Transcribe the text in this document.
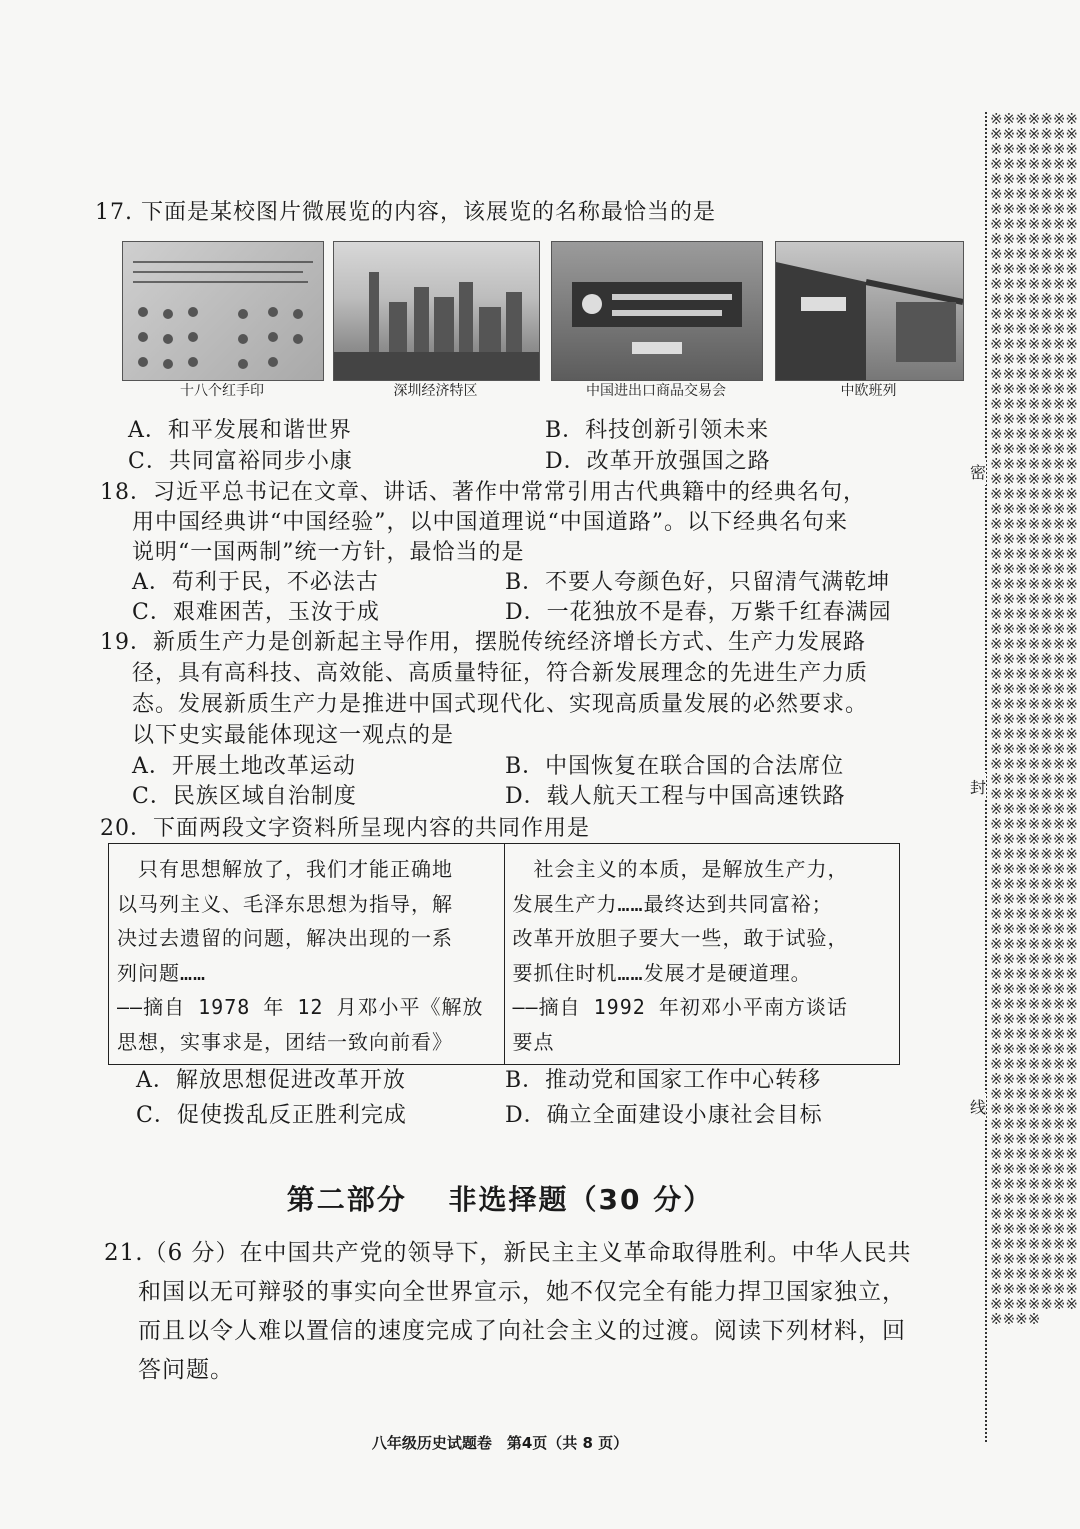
17. 下面是某校图片微展览的内容，该展览的名称最恰当的是
十八个红手印	深圳经济特区	中国进出口商品交易会	中欧班列
A．和平发展和谐世界	B．科技创新引领未来
C．共同富裕同步小康	D．改革开放强国之路
18．习近平总书记在文章、讲话、著作中常常引用古代典籍中的经典名句，
用中国经典讲“中国经验”，以中国道理说“中国道路”。以下经典名句来
说明“一国两制”统一方针，最恰当的是
A．苟利于民，不必法古	B．不要人夸颜色好，只留清气满乾坤
C．艰难困苦，玉汝于成	D．一花独放不是春，万紫千红春满园
19．新质生产力是创新起主导作用，摆脱传统经济增长方式、生产力发展路
径，具有高科技、高效能、高质量特征，符合新发展理念的先进生产力质
态。发展新质生产力是推进中国式现代化、实现高质量发展的必然要求。
以下史实最能体现这一观点的是
A．开展土地改革运动	B．中国恢复在联合国的合法席位
C．民族区域自治制度	D．载人航天工程与中国高速铁路
20．下面两段文字资料所呈现内容的共同作用是
　只有思想解放了，我们才能正确地
以马列主义、毛泽东思想为指导，解
决过去遗留的问题，解决出现的一系
列问题……
——摘自 1978 年 12 月邓小平《解放
思想，实事求是，团结一致向前看》
　社会主义的本质，是解放生产力，
发展生产力……最终达到共同富裕；
改革开放胆子要大一些，敢于试验，
要抓住时机……发展才是硬道理。
——摘自 1992 年初邓小平南方谈话
要点
A．解放思想促进改革开放	B．推动党和国家工作中心转移
C．促使拨乱反正胜利完成	D．确立全面建设小康社会目标
第二部分　 非选择题（30 分）
21.（6 分）在中国共产党的领导下，新民主主义革命取得胜利。中华人民共
和国以无可辩驳的事实向全世界宣示，她不仅完全有能力捍卫国家独立，
而且以令人难以置信的速度完成了向社会主义的过渡。阅读下列材料，回
答问题。
八年级历史试题卷　第4页（共 8 页）
※※※※※※※※※※※※※※※※※※※※※※※※※※※※※※※※※※※※※※※※※※※※※※※※※※※※※※※※※※※※※※※※※※※※※※※※※※※※※※※※※※※※※※※※※※※※※※※※※※※※※※※※※※※※※※※※※※※※※※※※※※※※※※※※※※※※※※※※※※※※※※※※※※※※※※※※※※※※※※※※※※※※※※※※※※※※※※※※※※※※※※※※※※※※※※※※※※※※※※※※※※※※※※※※※※※※※※※※※※※※※※※※※※※※※※※※※※※※※※※※※※※※※※※※※※※※※※※※※※※※※※※※※※※※※※※※※※※※※※※※※※※※※※※※※※※※※※※※※※※※※※※※※※※※※※※※※※※※※※※※※※※※※※※※※※※※※※※※※※※※※※※※※※※※※※※※※※※※※※※※※※※※※※※※※※※※※※※※※※※※※※※※※※※※※※※※※※※※※※※※※※※※※※※※※※※※※※※※※※※※※※※※※※※※※※※※※※※※※※※※※※※※※※※※※※※※※※※※※※※※※※※※※※※※※※※※※※※※※※※※※※※※※※※※※※※※※※※※※※※※※※※※※※※※※※※※※※※※※※※※※※※※※※※※※※※※※※※※※※※※※※※※※※※※※※※※※※※※※※※※※※※※
密
封
线
